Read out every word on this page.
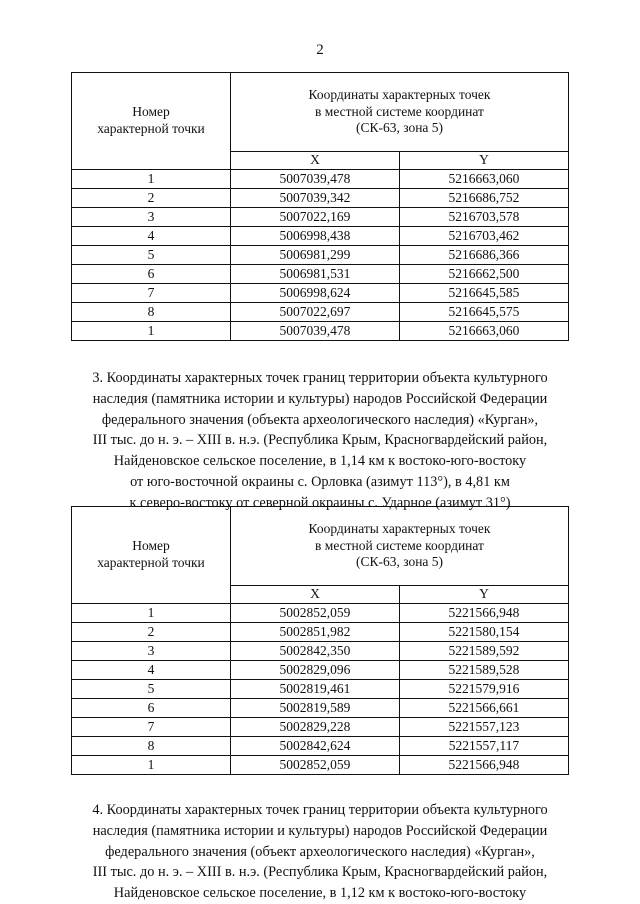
2
Номер
характерной точки	Координаты характерных точек
в местной системе координат
(СК-63, зона 5)	
	X	Y
1	5007039,478	5216663,060
2	5007039,342	5216686,752
3	5007022,169	5216703,578
4	5006998,438	5216703,462
5	5006981,299	5216686,366
6	5006981,531	5216662,500
7	5006998,624	5216645,585
8	5007022,697	5216645,575
1	5007039,478	5216663,060
3. Координаты характерных точек границ территории объекта культурного
наследия (памятника истории и культуры) народов Российской Федерации
федерального значения (объекта археологического наследия) «Курган»,
III тыс. до н. э. – XIII в. н.э. (Республика Крым, Красногвардейский район,
Найденовское сельское поселение, в 1,14 км к востоко-юго-востоку
от юго-восточной окраины с. Орловка (азимут 113°), в 4,81 км
к северо-востоку от северной окраины с. Ударное (азимут 31°)
Номер
характерной точки	Координаты характерных точек
в местной системе координат
(СК-63, зона 5)	
	X	Y
1	5002852,059	5221566,948
2	5002851,982	5221580,154
3	5002842,350	5221589,592
4	5002829,096	5221589,528
5	5002819,461	5221579,916
6	5002819,589	5221566,661
7	5002829,228	5221557,123
8	5002842,624	5221557,117
1	5002852,059	5221566,948
4. Координаты характерных точек границ территории объекта культурного
наследия (памятника истории и культуры) народов Российской Федерации
федерального значения (объект археологического наследия) «Курган»,
III тыс. до н. э. – XIII в. н.э. (Республика Крым, Красногвардейский район,
Найденовское сельское поселение, в 1,12 км к востоко-юго-востоку
